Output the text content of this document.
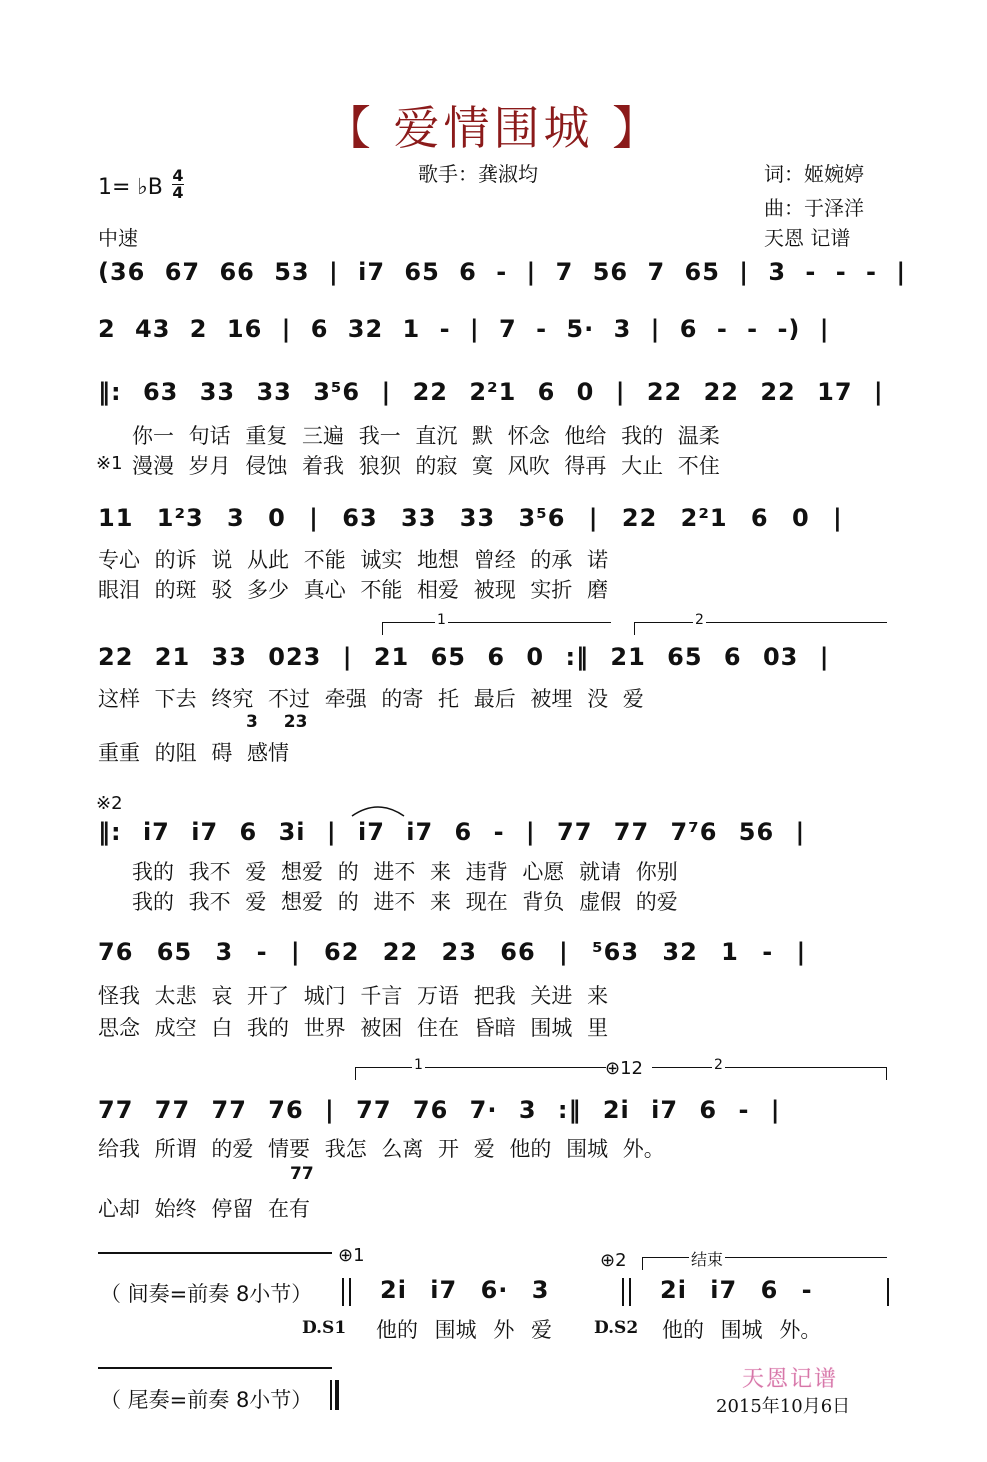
【 爱情围城 】
歌手：龚淑均	词：姬婉婷
曲：于泽洋
天恩 记谱
1= ♭B 4
4
中速
(36 67 66 53 | i7 65 6 - | 7 56 7 65 | 3 - - - |
2 43 2 16 | 6 32 1 - | 7 - 5· 3 | 6 - - -) |
‖: 63 33 33 3⁵6 | 22 2²1 6 0 | 22 22 22 17 |
你一 句话 重复 三遍 我一 直沉 默 怀念 他给 我的 温柔
※1 漫漫 岁月 侵蚀 着我 狼狈 的寂 寞 风吹 得再 大止 不住
11 1²3 3 0 | 63 33 33 3⁵6 | 22 2²1 6 0 |
专心 的诉 说 从此 不能 诚实 地想 曾经 的承 诺
眼泪 的斑 驳 多少 真心 不能 相爱 被现 实折 磨
1	2
22 21 33 023 | 21 65 6 0 :‖ 21 65 6 03 |
这样 下去 终究 不过 牵强 的寄 托 最后 被埋 没 爱
3 23
重重 的阻 碍 感情
※2
‖: i7 i7 6 3i | i7 i7 6 - | 77 77 7⁷6 56 |
我的 我不 爱 想爱 的 进不 来 违背 心愿 就请 你别
我的 我不 爱 想爱 的 进不 来 现在 背负 虚假 的爱
76 65 3 - | 62 22 23 66 | ⁵63 32 1 - |
怪我 太悲 哀 开了 城门 千言 万语 把我 关进 来
思念 成空 白 我的 世界 被困 住在 昏暗 围城 里
1	⊕12	2
77 77 77 76 | 77 76 7· 3 :‖ 2i i7 6 - |
给我 所谓 的爱 情要 我怎 么离 开 爱 他的 围城 外。
77
心却 始终 停留 在有
⊕1	⊕2	结束
（ 间奏=前奏 8小节）	2i i7 6· 3	2i i7 6 -
D.S1 他的 围城 外 爱 D.S2 他的 围城 外。
（ 尾奏=前奏 8小节）
天恩记谱
2015年10月6日
